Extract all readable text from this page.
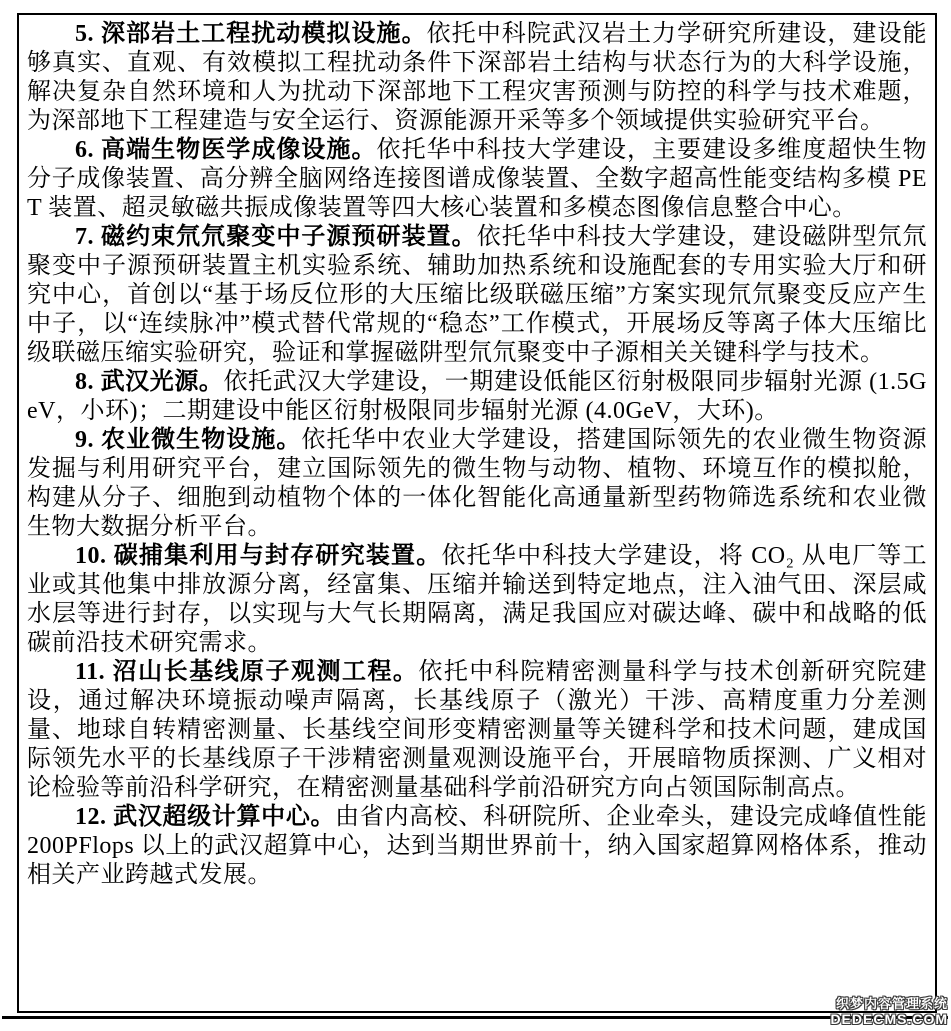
5. 深部岩土工程扰动模拟设施。依托中科院武汉岩土力学研究所建设，建设能够真实、直观、有效模拟工程扰动条件下深部岩土结构与状态行为的大科学设施，解决复杂自然环境和人为扰动下深部地下工程灾害预测与防控的科学与技术难题，为深部地下工程建造与安全运行、资源能源开采等多个领域提供实验研究平台。

6. 高端生物医学成像设施。依托华中科技大学建设，主要建设多维度超快生物分子成像装置、高分辨全脑网络连接图谱成像装置、全数字超高性能变结构多模 PET 装置、超灵敏磁共振成像装置等四大核心装置和多模态图像信息整合中心。

7. 磁约束氘氘聚变中子源预研装置。依托华中科技大学建设，建设磁阱型氘氘聚变中子源预研装置主机实验系统、辅助加热系统和设施配套的专用实验大厅和研究中心，首创以“基于场反位形的大压缩比级联磁压缩”方案实现氘氘聚变反应产生中子，以“连续脉冲”模式替代常规的“稳态”工作模式，开展场反等离子体大压缩比级联磁压缩实验研究，验证和掌握磁阱型氘氘聚变中子源相关关键科学与技术。

8. 武汉光源。依托武汉大学建设，一期建设低能区衍射极限同步辐射光源 (1.5GeV，小环)；二期建设中能区衍射极限同步辐射光源 (4.0GeV，大环)。

9. 农业微生物设施。依托华中农业大学建设，搭建国际领先的农业微生物资源发掘与利用研究平台，建立国际领先的微生物与动物、植物、环境互作的模拟舱，构建从分子、细胞到动植物个体的一体化智能化高通量新型药物筛选系统和农业微生物大数据分析平台。

10. 碳捕集利用与封存研究装置。依托华中科技大学建设，将 CO₂ 从电厂等工业或其他集中排放源分离，经富集、压缩并输送到特定地点，注入油气田、深层咸水层等进行封存，以实现与大气长期隔离，满足我国应对碳达峰、碳中和战略的低碳前沿技术研究需求。

11. 沼山长基线原子观测工程。依托中科院精密测量科学与技术创新研究院建设，通过解决环境振动噪声隔离，长基线原子（激光）干涉、高精度重力分差测量、地球自转精密测量、长基线空间形变精密测量等关键科学和技术问题，建成国际领先水平的长基线原子干涉精密测量观测设施平台，开展暗物质探测、广义相对论检验等前沿科学研究，在精密测量基础科学前沿研究方向占领国际制高点。

12. 武汉超级计算中心。由省内高校、科研院所、企业牵头，建设完成峰值性能 200PFlops 以上的武汉超算中心，达到当期世界前十，纳入国家超算网格体系，推动相关产业跨越式发展。

织梦内容管理系统
DEDECMS.COM
